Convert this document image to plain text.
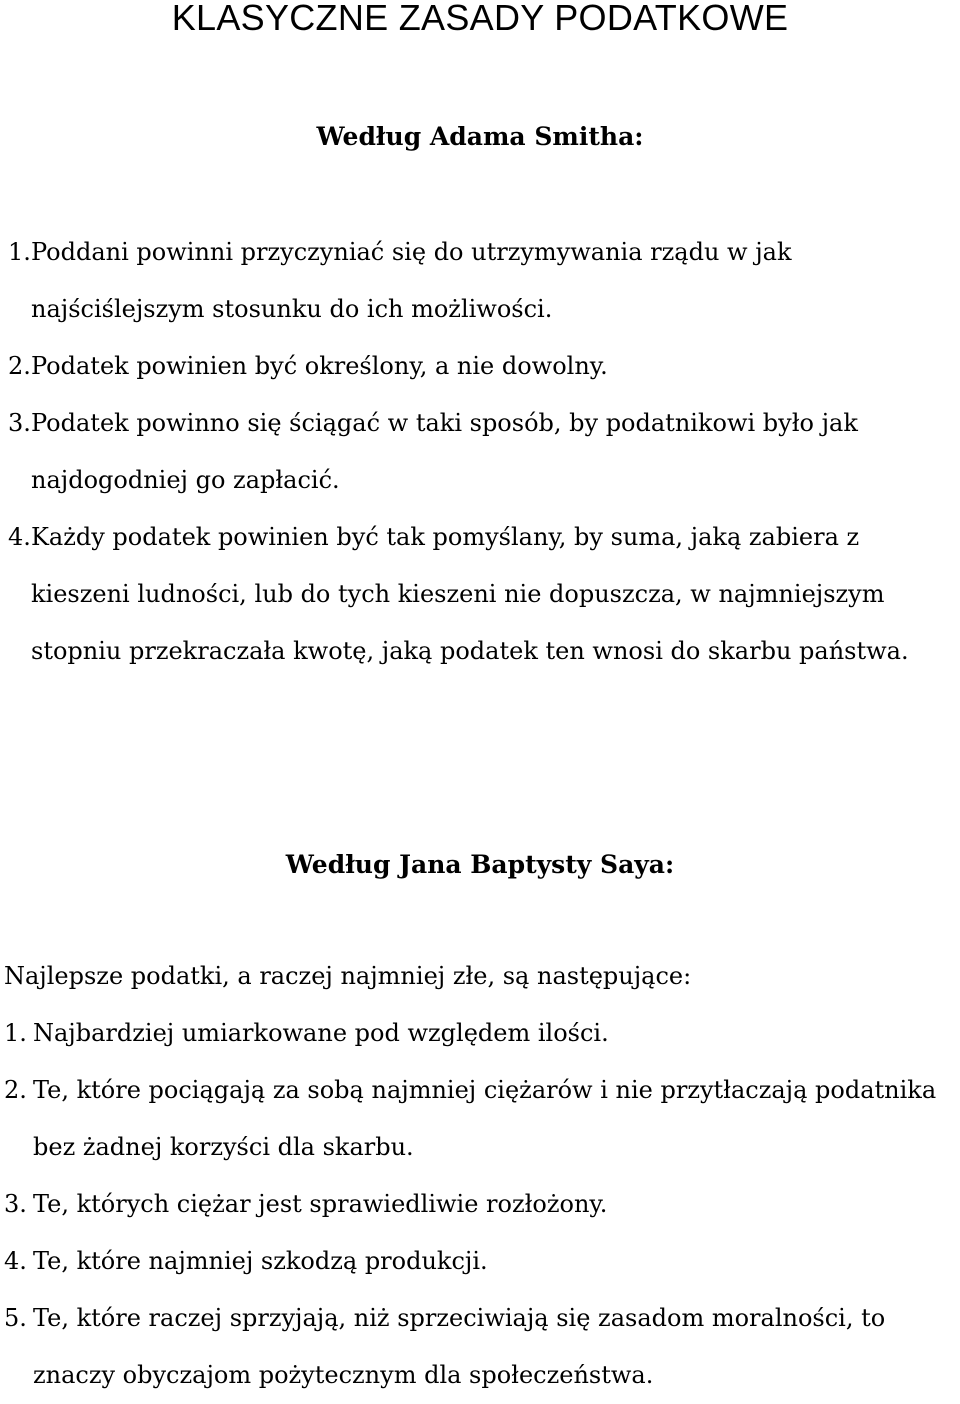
KLASYCZNE ZASADY PODATKOWE
Według Adama Smitha:
1. Poddani powinni przyczyniać się do utrzymywania rządu w jak najściślejszym stosunku do ich możliwości.
2. Podatek powinien być określony, a nie dowolny.
3. Podatek powinno się ściągać w taki sposób, by podatnikowi było jak najdogodniej go zapłacić.
4. Każdy podatek powinien być tak pomyślany, by suma, jaką zabiera z kieszeni ludności, lub do tych kieszeni nie dopuszcza, w najmniejszym stopniu przekraczała kwotę, jaką podatek ten wnosi do skarbu państwa.
Według Jana Baptysty Saya:
Najlepsze podatki, a raczej najmniej złe, są następujące:
1. Najbardziej umiarkowane pod względem ilości.
2. Te, które pociągają za sobą najmniej ciężarów i nie przytłaczają podatnika bez żadnej korzyści dla skarbu.
3. Te, których ciężar jest sprawiedliwie rozłożony.
4. Te, które najmniej szkodzą produkcji.
5. Te, które raczej sprzyjają, niż sprzeciwiają się zasadom moralności, to znaczy obyczajom pożytecznym dla społeczeństwa.
